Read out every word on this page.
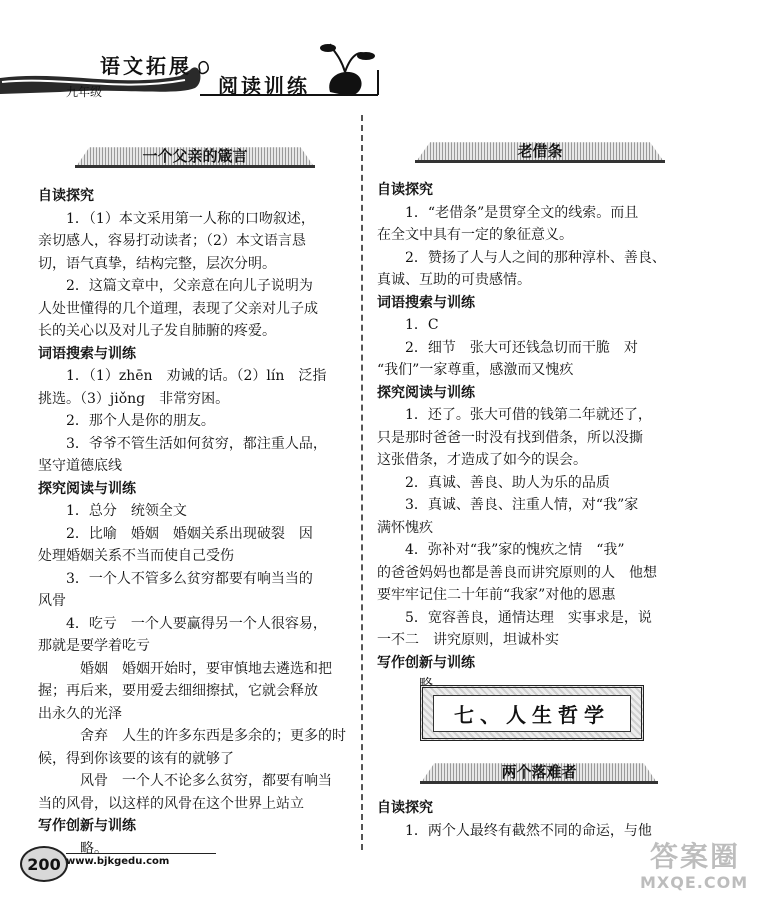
语文拓展
阅读训练
九年级
一个父亲的箴言

自读探究

1．（1）本文采用第一人称的口吻叙述，

亲切感人，容易打动读者；（2）本文语言恳

切，语气真挚，结构完整，层次分明。

2．这篇文章中，父亲意在向儿子说明为

人处世懂得的几个道理，表现了父亲对儿子成

长的关心以及对儿子发自肺腑的疼爱。

词语搜索与训练

1．（1）zhēn　劝诫的话。（2）lín　泛指

挑选。（3）jiǒng　非常穷困。

2．那个人是你的朋友。

3．爷爷不管生活如何贫穷，都注重人品，

坚守道德底线

探究阅读与训练

1．总分　统领全文

2．比喻　婚姻　婚姻关系出现破裂　因

处理婚姻关系不当而使自己受伤

3．一个人不管多么贫穷都要有响当当的

风骨

4．吃亏　一个人要赢得另一个人很容易，

那就是要学着吃亏

婚姻　婚姻开始时，要审慎地去遴选和把

握；再后来，要用爱去细细擦拭，它就会释放

出永久的光泽

舍弃　人生的许多东西是多余的；更多的时

候，得到你该要的该有的就够了

风骨　一个人不论多么贫穷，都要有响当

当的风骨，以这样的风骨在这个世界上站立

写作创新与训练

略。

老借条

自读探究

1．“老借条”是贯穿全文的线索。而且

在全文中具有一定的象征意义。

2．赞扬了人与人之间的那种淳朴、善良、

真诚、互助的可贵感情。

词语搜索与训练

1．C

2．细节　张大可还钱急切而干脆　对

“我们”一家尊重，感激而又愧疚

探究阅读与训练

1．还了。张大可借的钱第二年就还了，

只是那时爸爸一时没有找到借条，所以没撕

这张借条，才造成了如今的误会。

2．真诚、善良、助人为乐的品质

3．真诚、善良、注重人情，对“我”家

满怀愧疚

4．弥补对“我”家的愧疚之情　“我”

的爸爸妈妈也都是善良而讲究原则的人　他想

要牢牢记住二十年前“我家”对他的恩惠

5．宽容善良，通情达理　实事求是，说

一不二　讲究原则，坦诚朴实

写作创新与训练

七、人生哲学
两个落难者

自读探究

1．两个人最终有截然不同的命运，与他

200 www.bjkgedu.com	答案圈
MXQE.COM
